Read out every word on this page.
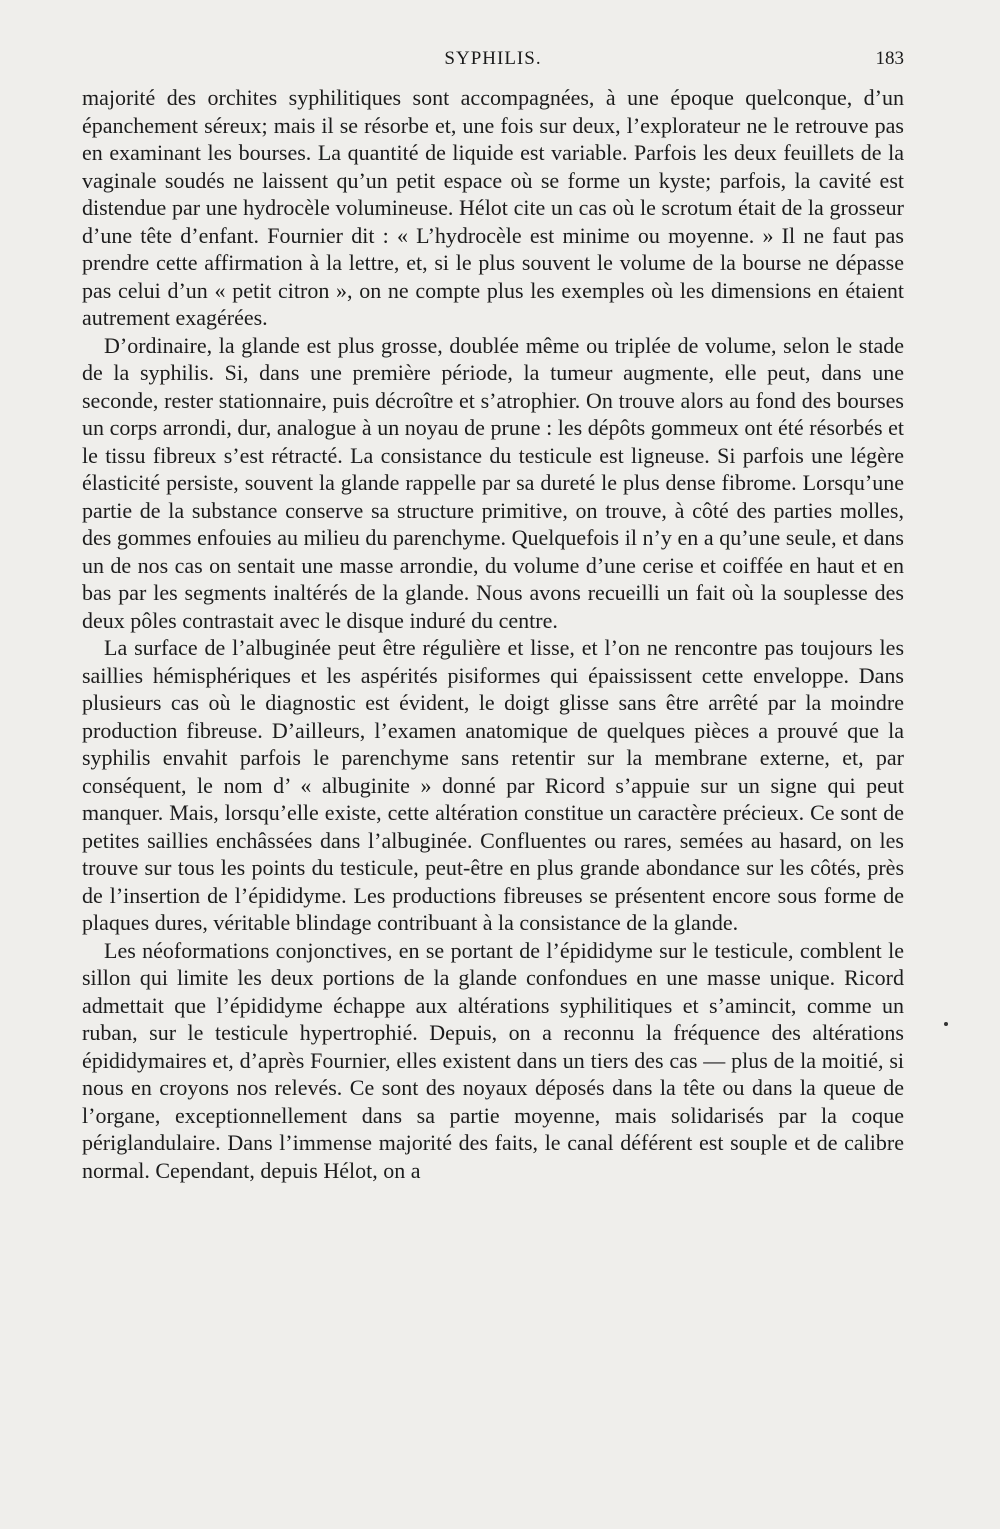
SYPHILIS.	183

majorité des orchites syphilitiques sont accompagnées, à une époque quelconque, d’un épanchement séreux; mais il se résorbe et, une fois sur deux, l’explorateur ne le retrouve pas en examinant les bourses. La quantité de liquide est variable. Parfois les deux feuillets de la vaginale soudés ne laissent qu’un petit espace où se forme un kyste; parfois, la cavité est distendue par une hydrocèle volumineuse. Hélot cite un cas où le scrotum était de la grosseur d’une tête d’enfant. Fournier dit : « L’hydrocèle est minime ou moyenne. » Il ne faut pas prendre cette affirmation à la lettre, et, si le plus souvent le volume de la bourse ne dépasse pas celui d’un « petit citron », on ne compte plus les exemples où les dimensions en étaient autrement exagérées.

D’ordinaire, la glande est plus grosse, doublée même ou triplée de volume, selon le stade de la syphilis. Si, dans une première période, la tumeur augmente, elle peut, dans une seconde, rester stationnaire, puis décroître et s’atrophier. On trouve alors au fond des bourses un corps arrondi, dur, analogue à un noyau de prune : les dépôts gommeux ont été résorbés et le tissu fibreux s’est rétracté. La consistance du testicule est ligneuse. Si parfois une légère élasticité persiste, souvent la glande rappelle par sa dureté le plus dense fibrome. Lorsqu’une partie de la substance conserve sa structure primitive, on trouve, à côté des parties molles, des gommes enfouies au milieu du parenchyme. Quelquefois il n’y en a qu’une seule, et dans un de nos cas on sentait une masse arrondie, du volume d’une cerise et coiffée en haut et en bas par les segments inaltérés de la glande. Nous avons recueilli un fait où la souplesse des deux pôles contrastait avec le disque induré du centre.

La surface de l’albuginée peut être régulière et lisse, et l’on ne rencontre pas toujours les saillies hémisphériques et les aspérités pisiformes qui épaississent cette enveloppe. Dans plusieurs cas où le diagnostic est évident, le doigt glisse sans être arrêté par la moindre production fibreuse. D’ailleurs, l’examen anatomique de quelques pièces a prouvé que la syphilis envahit parfois le parenchyme sans retentir sur la membrane externe, et, par conséquent, le nom d’ « albuginite » donné par Ricord s’appuie sur un signe qui peut manquer. Mais, lorsqu’elle existe, cette altération constitue un caractère précieux. Ce sont de petites saillies enchâssées dans l’albuginée. Confluentes ou rares, semées au hasard, on les trouve sur tous les points du testicule, peut-être en plus grande abondance sur les côtés, près de l’insertion de l’épididyme. Les productions fibreuses se présentent encore sous forme de plaques dures, véritable blindage contribuant à la consistance de la glande.

Les néoformations conjonctives, en se portant de l’épididyme sur le testicule, comblent le sillon qui limite les deux portions de la glande confondues en une masse unique. Ricord admettait que l’épididyme échappe aux altérations syphilitiques et s’amincit, comme un ruban, sur le testicule hypertrophié. Depuis, on a reconnu la fréquence des altérations épididymaires et, d’après Fournier, elles existent dans un tiers des cas — plus de la moitié, si nous en croyons nos relevés. Ce sont des noyaux déposés dans la tête ou dans la queue de l’organe, exceptionnellement dans sa partie moyenne, mais solidarisés par la coque périglandulaire. Dans l’immense majorité des faits, le canal déférent est souple et de calibre normal. Cependant, depuis Hélot, on a
